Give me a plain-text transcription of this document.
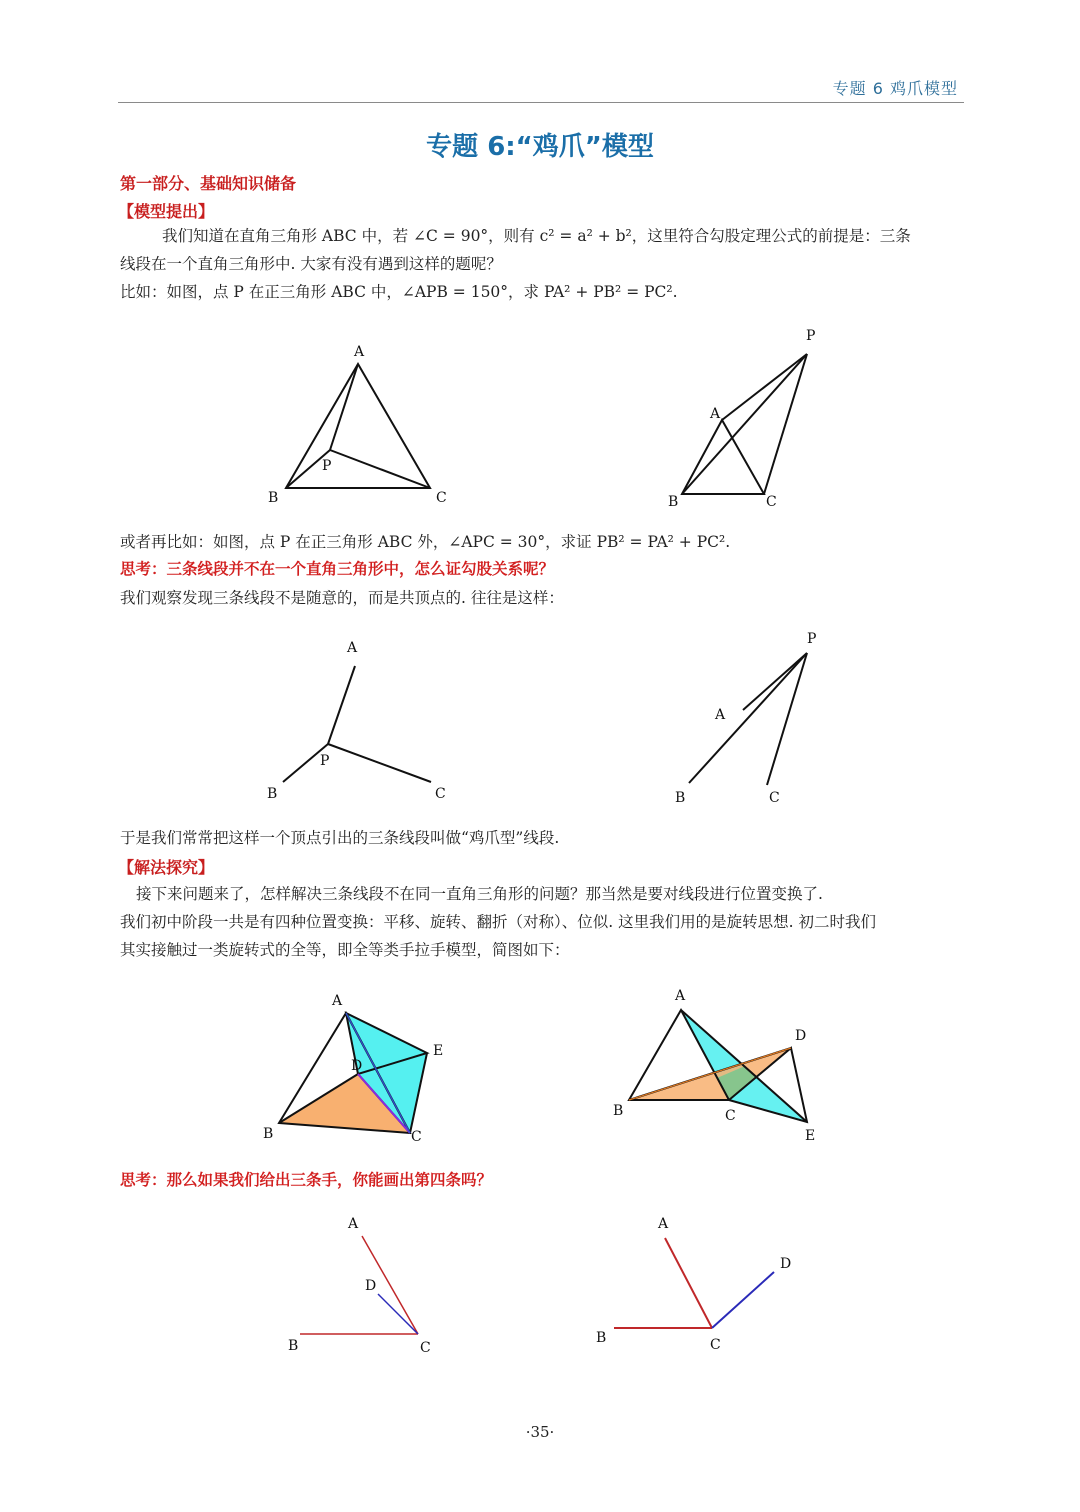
专题 6 鸡爪模型
专题 6:“鸡爪”模型
第一部分、基础知识储备
【模型提出】
我们知道在直角三角形 ABC 中，若 ∠C = 90°，则有 c² = a² + b²，这里符合勾股定理公式的前提是：三条
线段在一个直角三角形中. 大家有没有遇到这样的题呢？
比如：如图，点 P 在正三角形 ABC 中，∠APB = 150°，求 PA² + PB² = PC².
A
B	C
P
P
A
B	C
或者再比如：如图，点 P 在正三角形 ABC 外，∠APC = 30°，求证 PB² = PA² + PC².
思考：三条线段并不在一个直角三角形中，怎么证勾股关系呢？
我们观察发现三条线段不是随意的，而是共顶点的. 往往是这样：
A
P
B	C
P
A
B	C
于是我们常常把这样一个顶点引出的三条线段叫做“鸡爪型”线段.
【解法探究】
接下来问题来了，怎样解决三条线段不在同一直角三角形的问题？那当然是要对线段进行位置变换了.
我们初中阶段一共是有四种位置变换：平移、旋转、翻折（对称）、位似. 这里我们用的是旋转思想. 初二时我们
其实接触过一类旋转式的全等，即全等类手拉手模型，简图如下：
A
B	C
D
E
A
B	C
D
E
思考：那么如果我们给出三条手，你能画出第四条吗？
A
D
B	C
A
D
B	C
·35·
